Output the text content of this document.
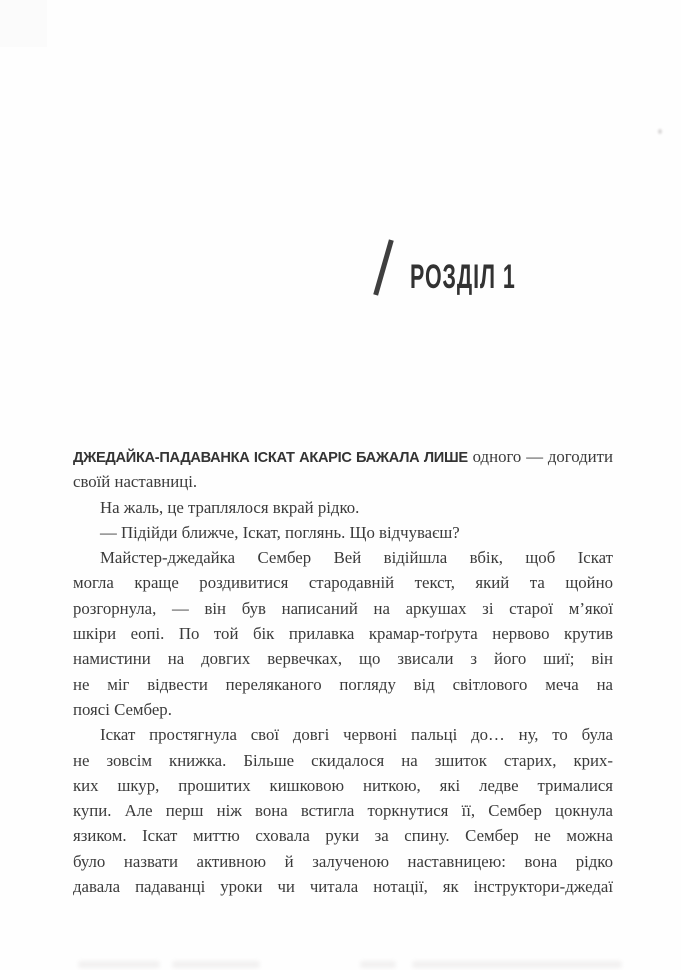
РОЗДІЛ 1
ДЖЕДАЙКА-ПАДАВАНКА ІСКАТ АКАРІС БАЖАЛА ЛИШЕ одного — догодити
своїй наставниці.
На жаль, це траплялося вкрай рідко.
— Підійди ближче, Іскат, поглянь. Що відчуваєш?
Майстер-джедайка Сембер Вей відійшла вбік, щоб Іскат
могла краще роздивитися стародавній текст, який та щойно
розгорнула, — він був написаний на аркушах зі старої м’якої
шкіри еопі. По той бік прилавка крамар-тоґрута нервово крутив
намистини на довгих вервечках, що звисали з його шиї; він
не міг відвести переляканого погляду від світлового меча на
поясі Сембер.
Іскат простягнула свої довгі червоні пальці до… ну, то була
не зовсім книжка. Більше скидалося на зшиток старих, крих-
ких шкур, прошитих кишковою ниткою, які ледве трималися
купи. Але перш ніж вона встигла торкнутися її, Сембер цокнула
язиком. Іскат миттю сховала руки за спину. Сембер не можна
було назвати активною й залученою наставницею: вона рідко
давала падаванці уроки чи читала нотації, як інструктори-джедаї
